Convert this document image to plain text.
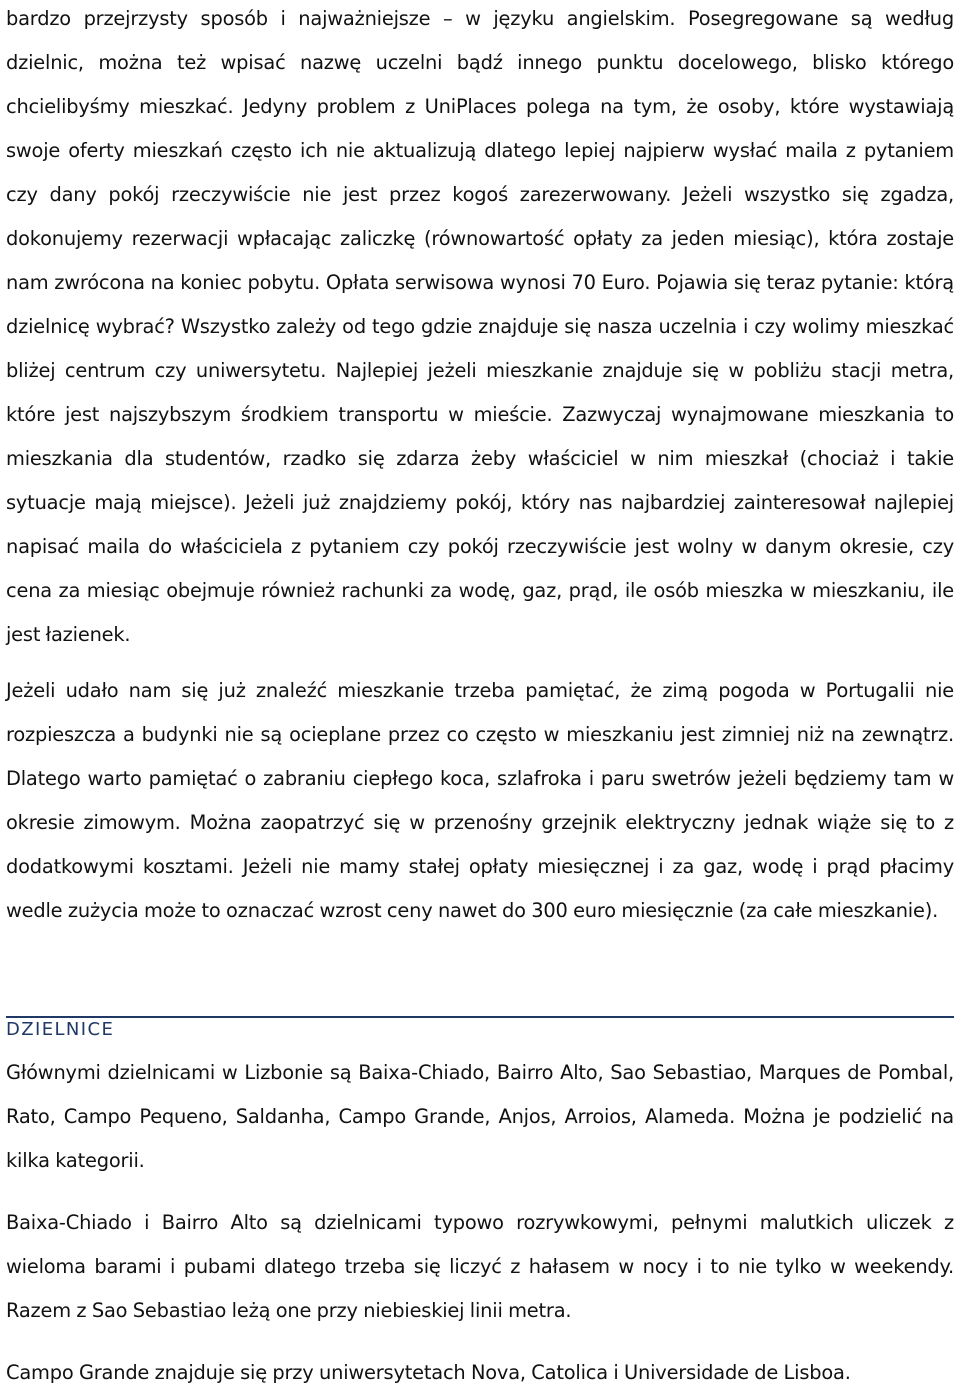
bardzo przejrzysty sposób i najważniejsze – w języku angielskim. Posegregowane są według dzielnic, można też wpisać nazwę uczelni bądź innego punktu docelowego, blisko którego chcielibyśmy mieszkać. Jedyny problem z UniPlaces polega na tym, że osoby, które wystawiają swoje oferty mieszkań często ich nie aktualizują dlatego lepiej najpierw wysłać maila z pytaniem czy dany pokój rzeczywiście nie jest przez kogoś zarezerwowany. Jeżeli wszystko się zgadza, dokonujemy rezerwacji wpłacając zaliczkę (równowartość opłaty za jeden miesiąc), która zostaje nam zwrócona na koniec pobytu. Opłata serwisowa wynosi 70 Euro. Pojawia się teraz pytanie: którą dzielnicę wybrać? Wszystko zależy od tego gdzie znajduje się nasza uczelnia i czy wolimy mieszkać bliżej centrum czy uniwersytetu. Najlepiej jeżeli mieszkanie znajduje się w pobliżu stacji metra, które jest najszybszym środkiem transportu w mieście. Zazwyczaj wynajmowane mieszkania to mieszkania dla studentów, rzadko się zdarza żeby właściciel w nim mieszkał (chociaż i takie sytuacje mają miejsce). Jeżeli już znajdziemy pokój, który nas najbardziej zainteresował najlepiej napisać maila do właściciela z pytaniem czy pokój rzeczywiście jest wolny w danym okresie, czy cena za miesiąc obejmuje również rachunki za wodę, gaz, prąd, ile osób mieszka w mieszkaniu, ile jest łazienek.

Jeżeli udało nam się już znaleźć mieszkanie trzeba pamiętać, że zimą pogoda w Portugalii nie rozpieszcza a budynki nie są ocieplane przez co często w mieszkaniu jest zimniej niż na zewnątrz. Dlatego warto pamiętać o zabraniu ciepłego koca, szlafroka i paru swetrów jeżeli będziemy tam w okresie zimowym. Można zaopatrzyć się w przenośny grzejnik elektryczny jednak wiąże się to z dodatkowymi kosztami. Jeżeli nie mamy stałej opłaty miesięcznej i za gaz, wodę i prąd płacimy wedle zużycia może to oznaczać wzrost ceny nawet do 300 euro miesięcznie (za całe mieszkanie).

DZIELNICE

Głównymi dzielnicami w Lizbonie są Baixa-Chiado, Bairro Alto, Sao Sebastiao, Marques de Pombal, Rato, Campo Pequeno, Saldanha, Campo Grande, Anjos, Arroios, Alameda. Można je podzielić na kilka kategorii.

Baixa-Chiado i Bairro Alto są dzielnicami typowo rozrywkowymi, pełnymi malutkich uliczek z wieloma barami i pubami dlatego trzeba się liczyć z hałasem w nocy i to nie tylko w weekendy. Razem z Sao Sebastiao leżą one przy niebieskiej linii metra.

Campo Grande znajduje się przy uniwersytetach Nova, Catolica i Universidade de Lisboa.
